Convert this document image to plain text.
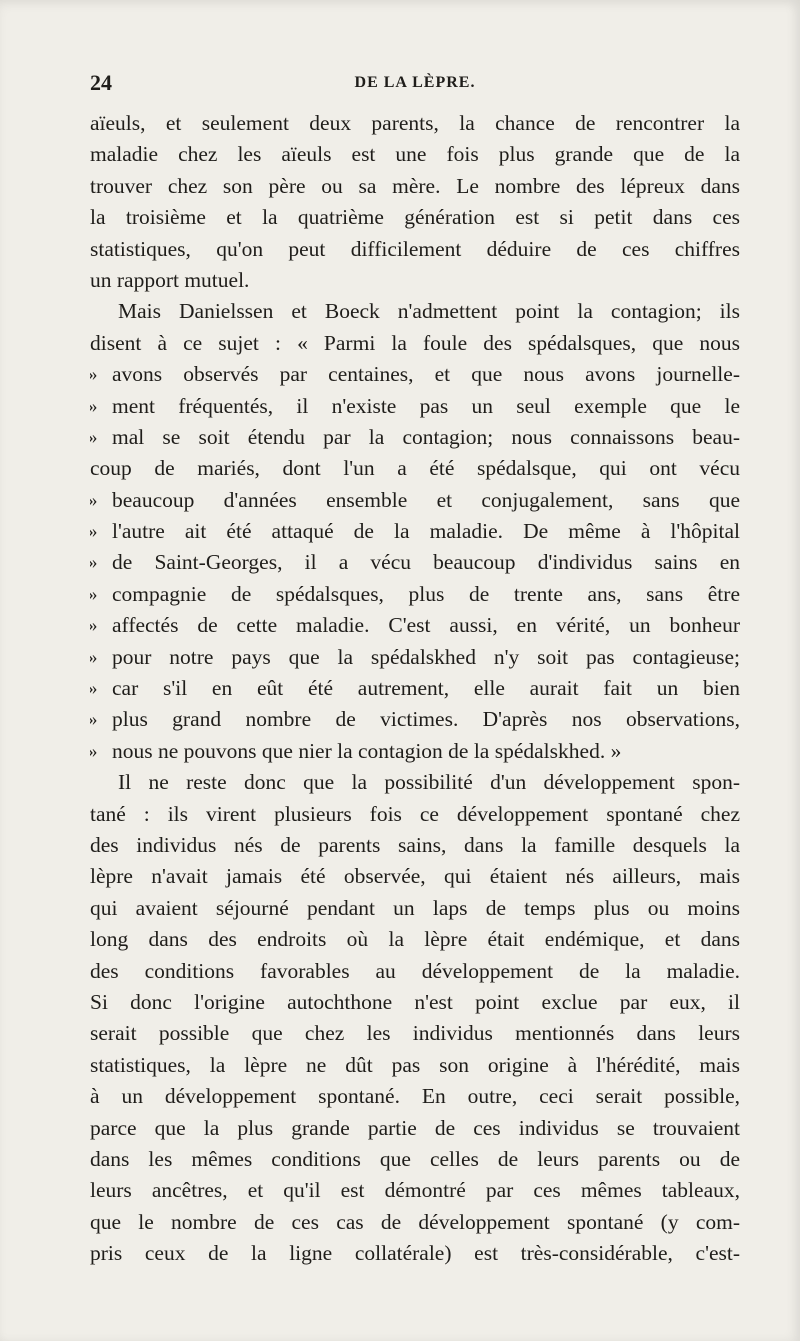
24	DE LA LÈPRE.
aïeuls, et seulement deux parents, la chance de rencontrer la
maladie chez les aïeuls est une fois plus grande que de la
trouver chez son père ou sa mère. Le nombre des lépreux dans
la troisième et la quatrième génération est si petit dans ces
statistiques, qu'on peut difficilement déduire de ces chiffres
un rapport mutuel.
Mais Danielssen et Boeck n'admettent point la contagion; ils
disent à ce sujet : « Parmi la foule des spédalsques, que nous
» avons observés par centaines, et que nous avons journelle-
» ment fréquentés, il n'existe pas un seul exemple que le
» mal se soit étendu par la contagion; nous connaissons beau-
coup de mariés, dont l'un a été spédalsque, qui ont vécu
» beaucoup d'années ensemble et conjugalement, sans que
» l'autre ait été attaqué de la maladie. De même à l'hôpital
» de Saint-Georges, il a vécu beaucoup d'individus sains en
» compagnie de spédalsques, plus de trente ans, sans être
» affectés de cette maladie. C'est aussi, en vérité, un bonheur
» pour notre pays que la spédalskhed n'y soit pas contagieuse;
» car s'il en eût été autrement, elle aurait fait un bien
» plus grand nombre de victimes. D'après nos observations,
» nous ne pouvons que nier la contagion de la spédalskhed. »
Il ne reste donc que la possibilité d'un développement spon-
tané : ils virent plusieurs fois ce développement spontané chez
des individus nés de parents sains, dans la famille desquels la
lèpre n'avait jamais été observée, qui étaient nés ailleurs, mais
qui avaient séjourné pendant un laps de temps plus ou moins
long dans des endroits où la lèpre était endémique, et dans
des conditions favorables au développement de la maladie.
Si donc l'origine autochthone n'est point exclue par eux, il
serait possible que chez les individus mentionnés dans leurs
statistiques, la lèpre ne dût pas son origine à l'hérédité, mais
à un développement spontané. En outre, ceci serait possible,
parce que la plus grande partie de ces individus se trouvaient
dans les mêmes conditions que celles de leurs parents ou de
leurs ancêtres, et qu'il est démontré par ces mêmes tableaux,
que le nombre de ces cas de développement spontané (y com-
pris ceux de la ligne collatérale) est très-considérable, c'est-
